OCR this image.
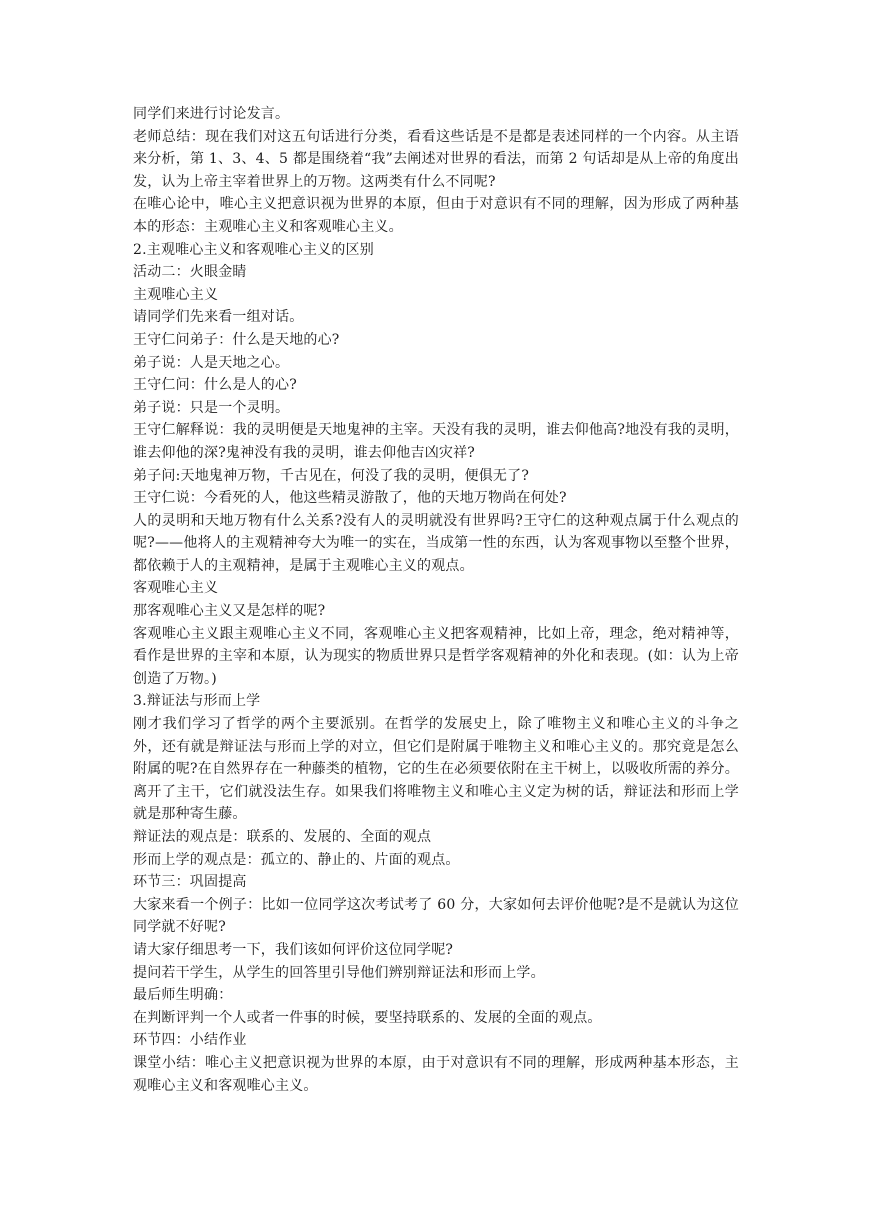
同学们来进行讨论发言。

老师总结：现在我们对这五句话进行分类，看看这些话是不是都是表述同样的一个内容。从主语来分析，第 1、3、4、5 都是围绕着“我”去阐述对世界的看法，而第 2 句话却是从上帝的角度出发，认为上帝主宰着世界上的万物。这两类有什么不同呢?

在唯心论中，唯心主义把意识视为世界的本原，但由于对意识有不同的理解，因为形成了两种基本的形态：主观唯心主义和客观唯心主义。

2.主观唯心主义和客观唯心主义的区别

活动二：火眼金睛

主观唯心主义

请同学们先来看一组对话。

王守仁问弟子：什么是天地的心?

弟子说：人是天地之心。

王守仁问：什么是人的心?

弟子说：只是一个灵明。

王守仁解释说：我的灵明便是天地鬼神的主宰。天没有我的灵明，谁去仰他高?地没有我的灵明，谁去仰他的深?鬼神没有我的灵明，谁去仰他吉凶灾祥?

弟子问:天地鬼神万物，千古见在，何没了我的灵明，便俱无了?

王守仁说：今看死的人，他这些精灵游散了，他的天地万物尚在何处?

人的灵明和天地万物有什么关系?没有人的灵明就没有世界吗?王守仁的这种观点属于什么观点的呢?——他将人的主观精神夸大为唯一的实在，当成第一性的东西，认为客观事物以至整个世界，都依赖于人的主观精神，是属于主观唯心主义的观点。

客观唯心主义

那客观唯心主义又是怎样的呢?

客观唯心主义跟主观唯心主义不同，客观唯心主义把客观精神，比如上帝，理念，绝对精神等，看作是世界的主宰和本原，认为现实的物质世界只是哲学客观精神的外化和表现。(如：认为上帝创造了万物。)

3.辩证法与形而上学

刚才我们学习了哲学的两个主要派别。在哲学的发展史上，除了唯物主义和唯心主义的斗争之外，还有就是辩证法与形而上学的对立，但它们是附属于唯物主义和唯心主义的。那究竟是怎么附属的呢?在自然界存在一种藤类的植物，它的生在必须要依附在主干树上，以吸收所需的养分。离开了主干，它们就没法生存。如果我们将唯物主义和唯心主义定为树的话，辩证法和形而上学就是那种寄生藤。

辩证法的观点是：联系的、发展的、全面的观点

形而上学的观点是：孤立的、静止的、片面的观点。

环节三：巩固提高

大家来看一个例子：比如一位同学这次考试考了 60 分，大家如何去评价他呢?是不是就认为这位同学就不好呢?

请大家仔细思考一下，我们该如何评价这位同学呢?

提问若干学生，从学生的回答里引导他们辨别辩证法和形而上学。

最后师生明确：

在判断评判一个人或者一件事的时候，要坚持联系的、发展的全面的观点。

环节四：小结作业

课堂小结：唯心主义把意识视为世界的本原，由于对意识有不同的理解，形成两种基本形态，主观唯心主义和客观唯心主义。
